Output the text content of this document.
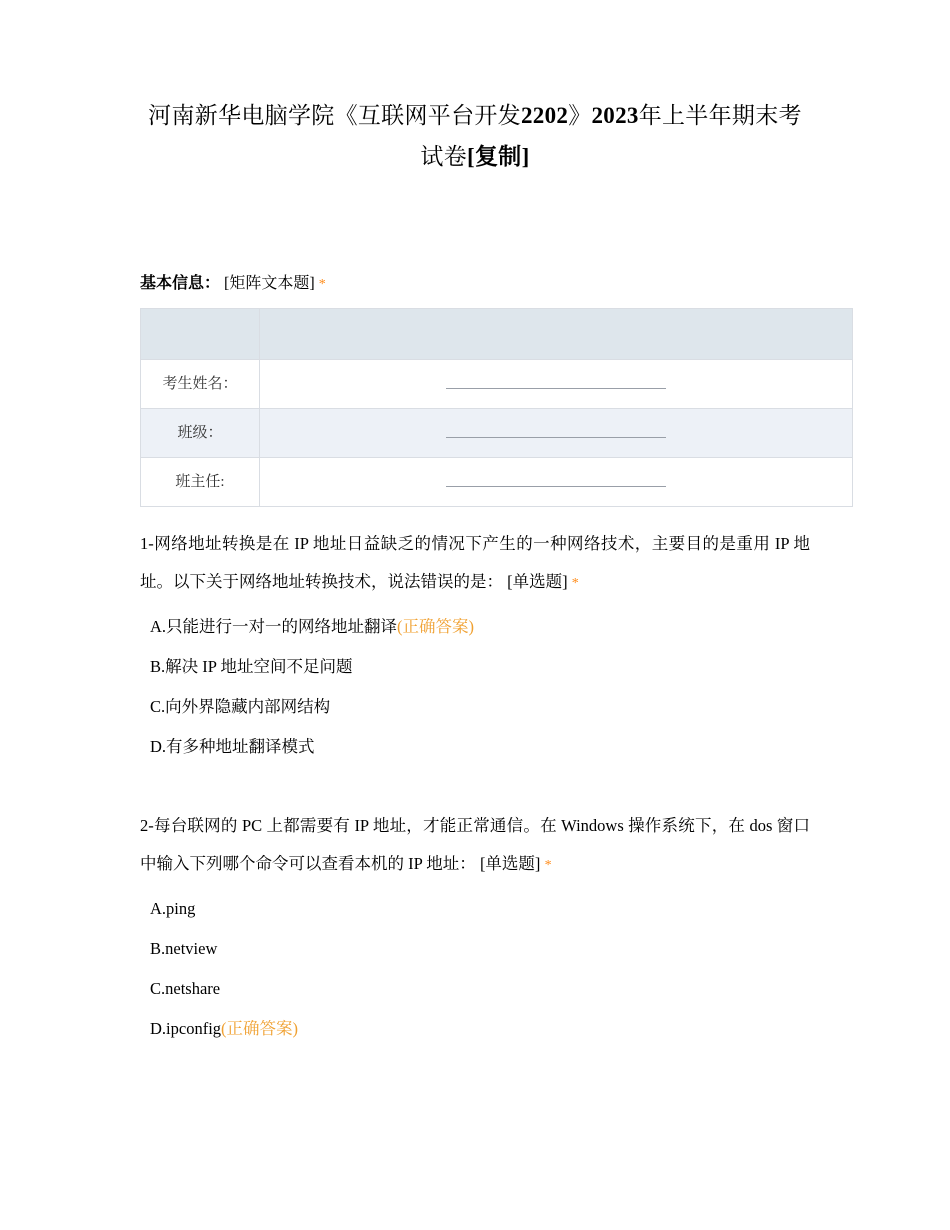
河南新华电脑学院《互联网平台开发2202》2023年上半年期末考试卷[复制]
基本信息： [矩阵文本题] *

考生姓名：	
班级：	
班主任:	
1-网络地址转换是在 IP 地址日益缺乏的情况下产生的一种网络技术，主要目的是重用 IP 地址。以下关于网络地址转换技术，说法错误的是： [单选题] *
A.只能进行一对一的网络地址翻译(正确答案)
B.解决 IP 地址空间不足问题
C.向外界隐藏内部网结构
D.有多种地址翻译模式
2-每台联网的 PC 上都需要有 IP 地址，才能正常通信。在 Windows 操作系统下，在 dos 窗口中输入下列哪个命令可以查看本机的 IP 地址： [单选题] *
A.ping
B.netview
C.netshare
D.ipconfig(正确答案)
